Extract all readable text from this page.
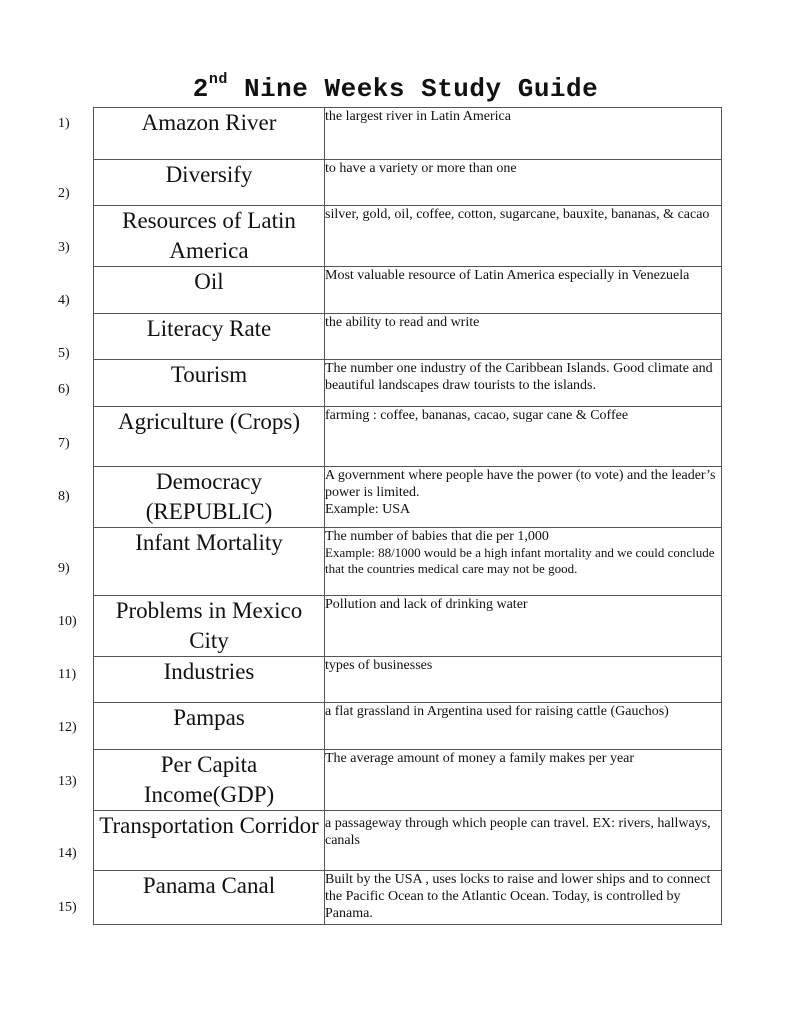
2nd Nine Weeks Study Guide
1)
2)
3)
4)
5)
6)
7)
8)
9)
10)
11)
12)
13)
14)
15)
Amazon River	the largest river in Latin America

Diversify	to have a variety or more than one

Resources of Latin America	silver, gold, oil, coffee, cotton, sugarcane, bauxite, bananas, & cacao

Oil	Most valuable resource of Latin America especially in Venezuela

Literacy Rate	the ability to read and write

Tourism	The number one industry of the Caribbean Islands. Good climate and beautiful landscapes draw tourists to the islands.

Agriculture (Crops)	farming : coffee, bananas, cacao, sugar cane & Coffee

Democracy (REPUBLIC)	A government where people have the power (to vote) and the leader’s power is limited.
Example: USA

Infant Mortality	The number of babies that die per 1,000
Example: 88/1000 would be a high infant mortality and we could conclude that the countries medical care may not be good.

Problems in Mexico City	Pollution and lack of drinking water

Industries	types of businesses

Pampas	a flat grassland in Argentina used for raising cattle (Gauchos)

Per Capita Income(GDP)	The average amount of money a family makes per year

Transportation Corridor	a passageway through which people can travel. EX: rivers, hallways, canals

Panama Canal	Built by the USA , uses locks to raise and lower ships and to connect the Pacific Ocean to the Atlantic Ocean. Today, is controlled by Panama.
